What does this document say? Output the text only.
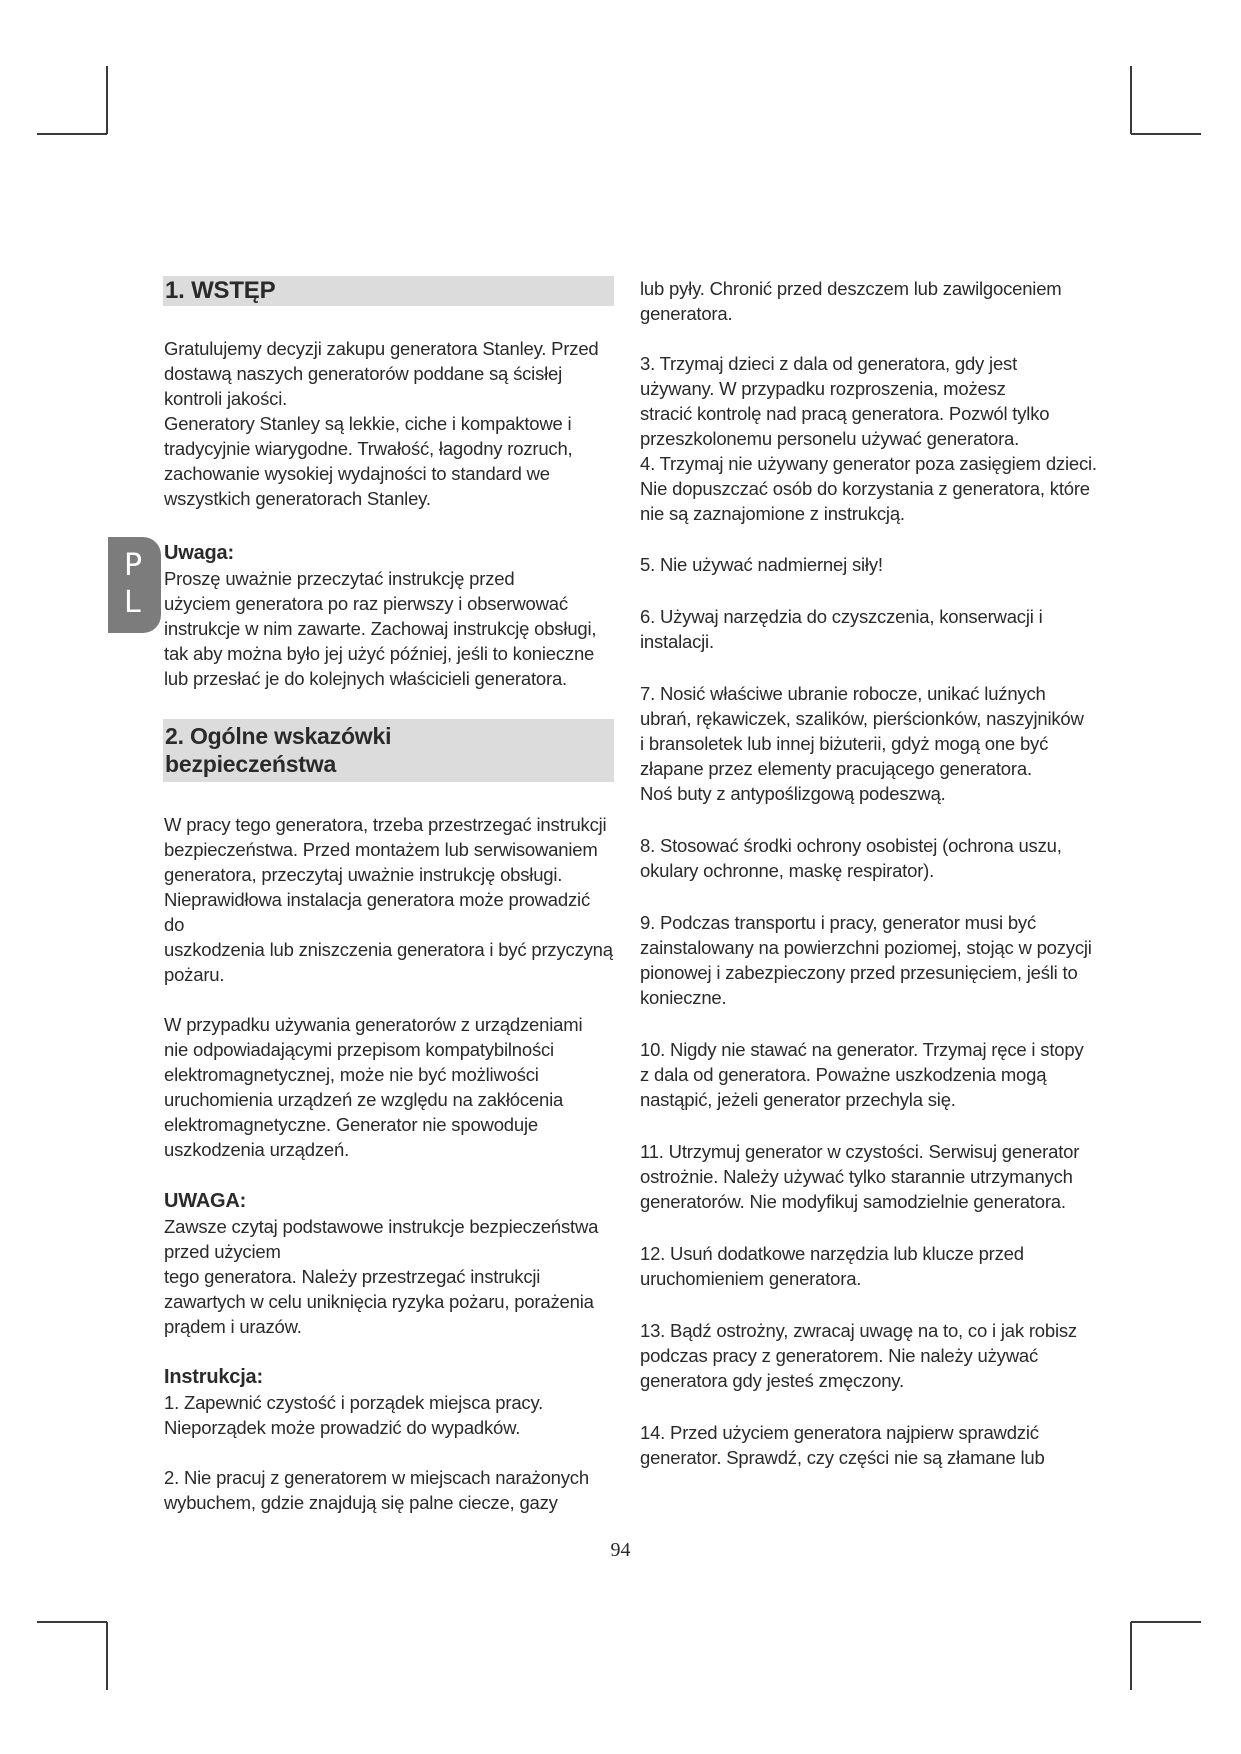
P
L
1. WSTĘP

Gratulujemy decyzji zakupu generatora Stanley. Przed
dostawą naszych generatorów poddane są ścisłej
kontroli jakości.
Generatory Stanley są lekkie, ciche i kompaktowe i
tradycyjnie wiarygodne. Trwałość, łagodny rozruch,
zachowanie wysokiej wydajności to standard we
wszystkich generatorach Stanley.

Uwaga:

Proszę uważnie przeczytać instrukcję przed
użyciem generatora po raz pierwszy i obserwować
instrukcje w nim zawarte. Zachowaj instrukcję obsługi,
tak aby można było jej użyć później, jeśli to konieczne
lub przesłać je do kolejnych właścicieli generatora.

2. Ogólne wskazówki
bezpieczeństwa

W pracy tego generatora, trzeba przestrzegać instrukcji
bezpieczeństwa. Przed montażem lub serwisowaniem
generatora, przeczytaj uważnie instrukcję obsługi.
Nieprawidłowa instalacja generatora może prowadzić do
uszkodzenia lub zniszczenia generatora i być przyczyną
pożaru.

W przypadku używania generatorów z urządzeniami
nie odpowiadającymi przepisom kompatybilności
elektromagnetycznej, może nie być możliwości
uruchomienia urządzeń ze względu na zakłócenia
elektromagnetyczne. Generator nie spowoduje
uszkodzenia urządzeń.

UWAGA:

Zawsze czytaj podstawowe instrukcje bezpieczeństwa
przed użyciem
tego generatora. Należy przestrzegać instrukcji
zawartych w celu uniknięcia ryzyka pożaru, porażenia
prądem i urazów.

Instrukcja:

1. Zapewnić czystość i porządek miejsca pracy.
Nieporządek może prowadzić do wypadków.

2. Nie pracuj z generatorem w miejscach narażonych
wybuchem, gdzie znajdują się palne ciecze, gazy

lub pyły. Chronić przed deszczem lub zawilgoceniem
generatora.

3. Trzymaj dzieci z dala od generatora, gdy jest
używany. W przypadku rozproszenia, możesz
stracić kontrolę nad pracą generatora. Pozwól tylko
przeszkolonemu personelu używać generatora.
4. Trzymaj nie używany generator poza zasięgiem dzieci.
Nie dopuszczać osób do korzystania z generatora, które
nie są zaznajomione z instrukcją.

5. Nie używać nadmiernej siły!

6. Używaj narzędzia do czyszczenia, konserwacji i
instalacji.

7. Nosić właściwe ubranie robocze, unikać luźnych
ubrań, rękawiczek, szalików, pierścionków, naszyjników
i bransoletek lub innej biżuterii, gdyż mogą one być
złapane przez elementy pracującego generatora.
Noś buty z antypoślizgową podeszwą.

8. Stosować środki ochrony osobistej (ochrona uszu,
okulary ochronne, maskę respirator).

9. Podczas transportu i pracy, generator musi być
zainstalowany na powierzchni poziomej, stojąc w pozycji
pionowej i zabezpieczony przed przesunięciem, jeśli to
konieczne.

10. Nigdy nie stawać na generator. Trzymaj ręce i stopy
z dala od generatora. Poważne uszkodzenia mogą
nastąpić, jeżeli generator przechyla się.

11. Utrzymuj generator w czystości. Serwisuj generator
ostrożnie. Należy używać tylko starannie utrzymanych
generatorów. Nie modyfikuj samodzielnie generatora.

12. Usuń dodatkowe narzędzia lub klucze przed
uruchomieniem generatora.

13. Bądź ostrożny, zwracaj uwagę na to, co i jak robisz
podczas pracy z generatorem. Nie należy używać
generatora gdy jesteś zmęczony.

14. Przed użyciem generatora najpierw sprawdzić
generator. Sprawdź, czy części nie są złamane lub

94
